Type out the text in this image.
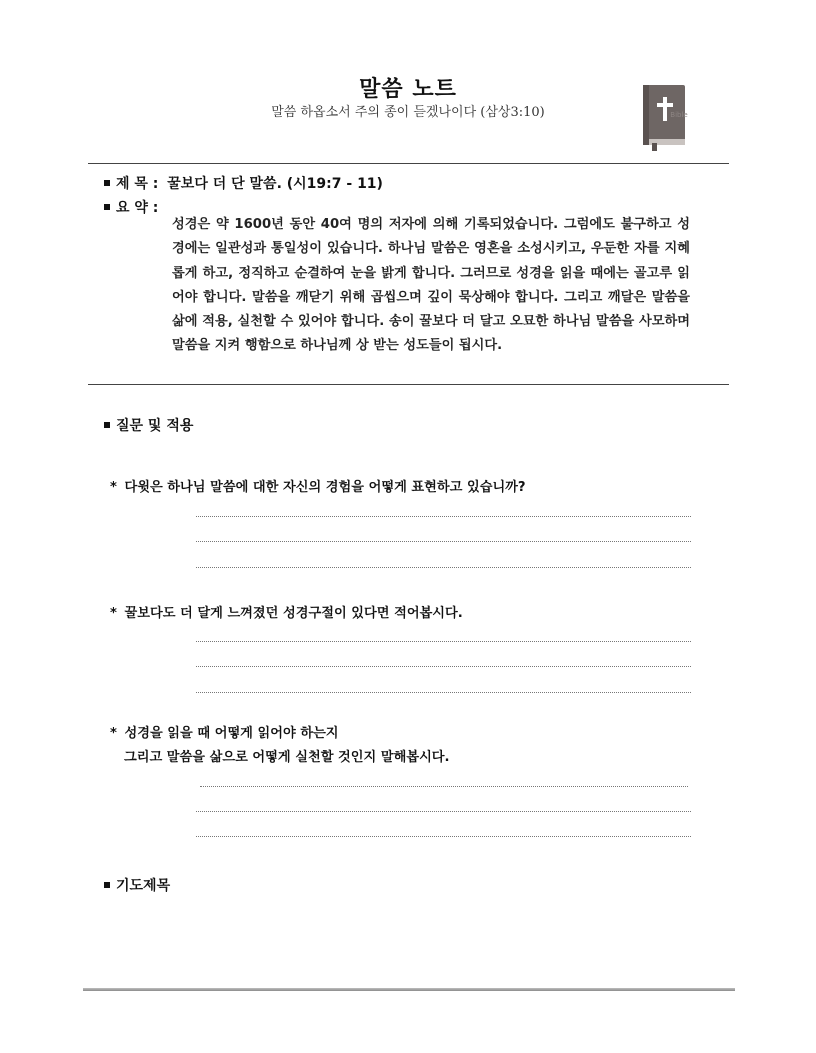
말씀 노트
말씀 하옵소서 주의 종이 듣겠나이다 (삼상3:10)	Bible
제 목 : 꿀보다 더 단 말씀. (시19:7 - 11)
요 약 :
성경은 약 1600년 동안 40여 명의 저자에 의해 기록되었습니다. 그럼에도 불구하고 성경에는 일관성과 통일성이 있습니다. 하나님 말씀은 영혼을 소성시키고, 우둔한 자를 지혜롭게 하고, 정직하고 순결하여 눈을 밝게 합니다. 그러므로 성경을 읽을 때에는 골고루 읽어야 합니다. 말씀을 깨닫기 위해 곱씹으며 깊이 묵상해야 합니다. 그리고 깨달은 말씀을 삶에 적용, 실천할 수 있어야 합니다. 송이 꿀보다 더 달고 오묘한 하나님 말씀을 사모하며 말씀을 지켜 행함으로 하나님께 상 받는 성도들이 됩시다.
질문 및 적용
* 다윗은 하나님 말씀에 대한 자신의 경험을 어떻게 표현하고 있습니까?
* 꿀보다도 더 달게 느껴졌던 성경구절이 있다면 적어봅시다.
* 성경을 읽을 때 어떻게 읽어야 하는지
그리고 말씀을 삶으로 어떻게 실천할 것인지 말해봅시다.
기도제목
